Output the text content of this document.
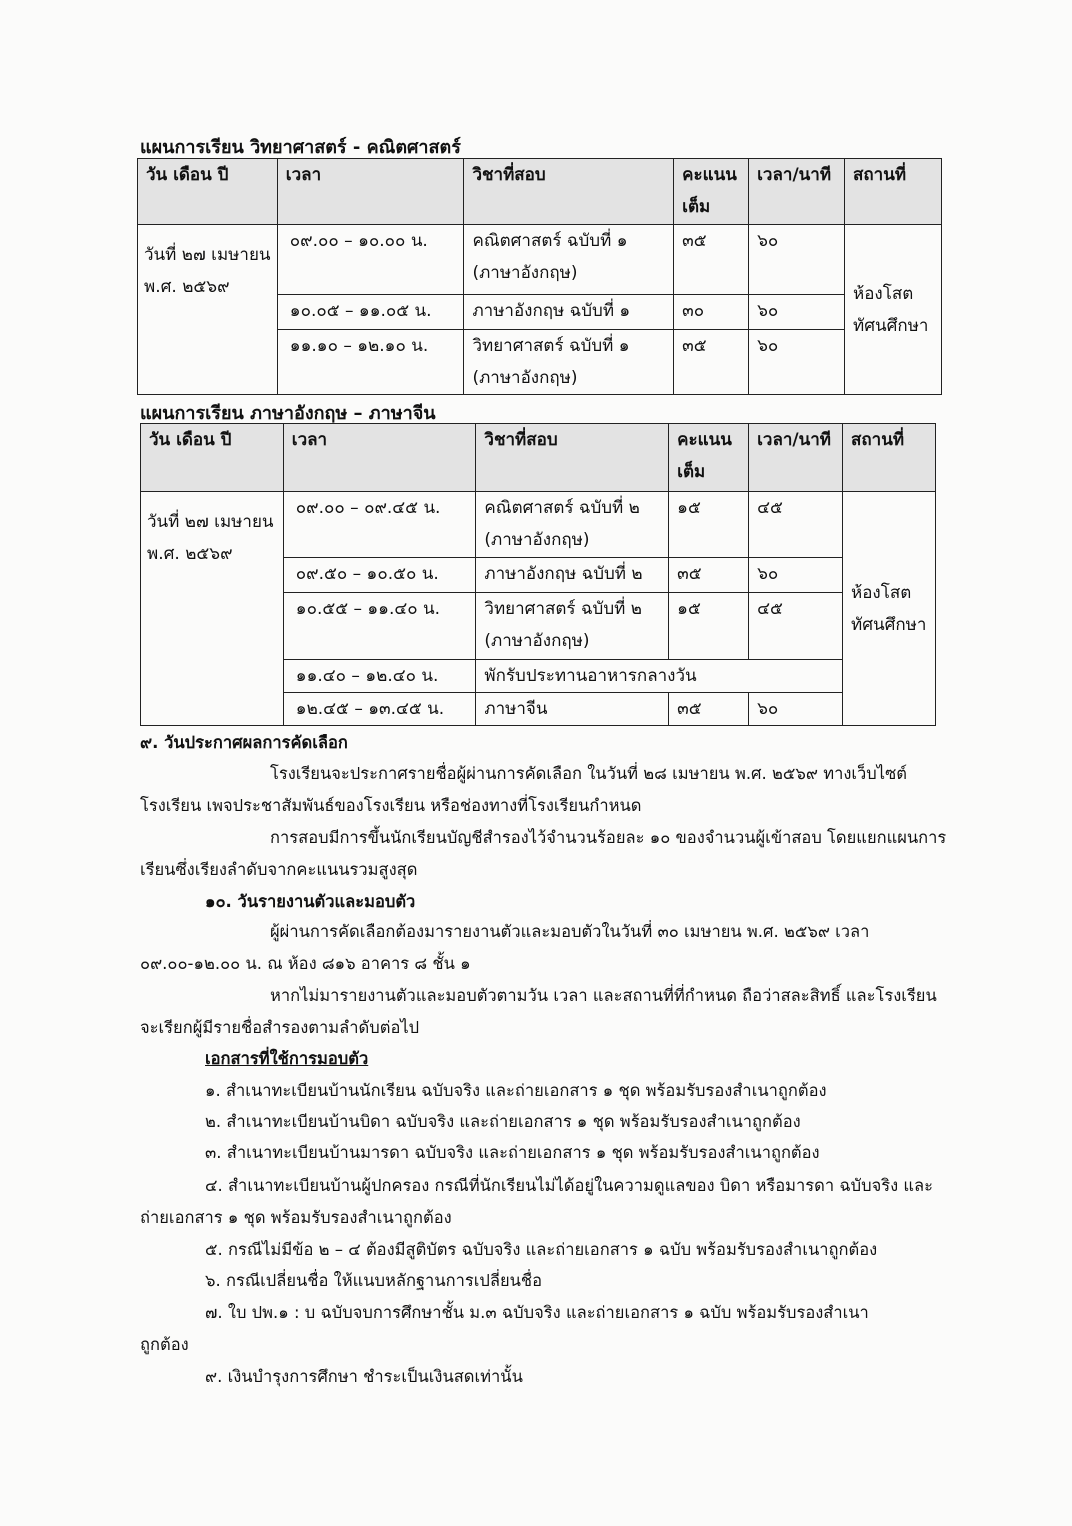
แผนการเรียน วิทยาศาสตร์ - คณิตศาสตร์
วัน เดือน ปี	เวลา	วิชาที่สอบ	คะแนนเต็ม	เวลา/นาที	สถานที่
วันที่ ๒๗ เมษายน พ.ศ. ๒๕๖๙	๐๙.๐๐ – ๑๐.๐๐ น.	คณิตศาสตร์ ฉบับที่ ๑ (ภาษาอังกฤษ)	๓๕	๖๐	ห้องโสตทัศนศึกษา
	๑๐.๐๕ – ๑๑.๐๕ น.	ภาษาอังกฤษ ฉบับที่ ๑	๓๐	๖๐	
	๑๑.๑๐ – ๑๒.๑๐ น.	วิทยาศาสตร์ ฉบับที่ ๑ (ภาษาอังกฤษ)	๓๕	๖๐	
แผนการเรียน ภาษาอังกฤษ – ภาษาจีน
วัน เดือน ปี	เวลา	วิชาที่สอบ	คะแนนเต็ม	เวลา/นาที	สถานที่
วันที่ ๒๗ เมษายน พ.ศ. ๒๕๖๙	๐๙.๐๐ – ๐๙.๔๕ น.	คณิตศาสตร์ ฉบับที่ ๒ (ภาษาอังกฤษ)	๑๕	๔๕	ห้องโสตทัศนศึกษา
	๐๙.๕๐ – ๑๐.๕๐ น.	ภาษาอังกฤษ ฉบับที่ ๒	๓๕	๖๐	
	๑๐.๕๕ – ๑๑.๔๐ น.	วิทยาศาสตร์ ฉบับที่ ๒ (ภาษาอังกฤษ)	๑๕	๔๕	
	๑๑.๔๐ – ๑๒.๔๐ น.	พักรับประทานอาหารกลางวัน			
	๑๒.๔๕ – ๑๓.๔๕ น.	ภาษาจีน	๓๕	๖๐	
๙. วันประกาศผลการคัดเลือก
โรงเรียนจะประกาศรายชื่อผู้ผ่านการคัดเลือก ในวันที่ ๒๘ เมษายน พ.ศ. ๒๕๖๙ ทางเว็บไซต์
โรงเรียน เพจประชาสัมพันธ์ของโรงเรียน หรือช่องทางที่โรงเรียนกำหนด
การสอบมีการขึ้นนักเรียนบัญชีสำรองไว้จำนวนร้อยละ ๑๐ ของจำนวนผู้เข้าสอบ โดยแยกแผนการ
เรียนซึ่งเรียงลำดับจากคะแนนรวมสูงสุด
๑๐. วันรายงานตัวและมอบตัว
ผู้ผ่านการคัดเลือกต้องมารายงานตัวและมอบตัวในวันที่ ๓๐ เมษายน พ.ศ. ๒๕๖๙ เวลา
๐๙.๐๐-๑๒.๐๐ น. ณ ห้อง ๘๑๖ อาคาร ๘ ชั้น ๑
หากไม่มารายงานตัวและมอบตัวตามวัน เวลา และสถานที่ที่กำหนด ถือว่าสละสิทธิ์ และโรงเรียน
จะเรียกผู้มีรายชื่อสำรองตามลำดับต่อไป
เอกสารที่ใช้การมอบตัว
๑. สำเนาทะเบียนบ้านนักเรียน ฉบับจริง และถ่ายเอกสาร ๑ ชุด พร้อมรับรองสำเนาถูกต้อง
๒. สำเนาทะเบียนบ้านบิดา ฉบับจริง และถ่ายเอกสาร ๑ ชุด พร้อมรับรองสำเนาถูกต้อง
๓. สำเนาทะเบียนบ้านมารดา ฉบับจริง และถ่ายเอกสาร ๑ ชุด พร้อมรับรองสำเนาถูกต้อง
๔. สำเนาทะเบียนบ้านผู้ปกครอง กรณีที่นักเรียนไม่ได้อยู่ในความดูแลของ บิดา หรือมารดา ฉบับจริง และ
ถ่ายเอกสาร ๑ ชุด พร้อมรับรองสำเนาถูกต้อง
๕. กรณีไม่มีข้อ ๒ – ๔ ต้องมีสูติบัตร ฉบับจริง และถ่ายเอกสาร ๑ ฉบับ พร้อมรับรองสำเนาถูกต้อง
๖. กรณีเปลี่ยนชื่อ ให้แนบหลักฐานการเปลี่ยนชื่อ
๗. ใบ ปพ.๑ : บ ฉบับจบการศึกษาชั้น ม.๓ ฉบับจริง และถ่ายเอกสาร ๑ ฉบับ พร้อมรับรองสำเนา
ถูกต้อง
๙. เงินบำรุงการศึกษา ชำระเป็นเงินสดเท่านั้น
